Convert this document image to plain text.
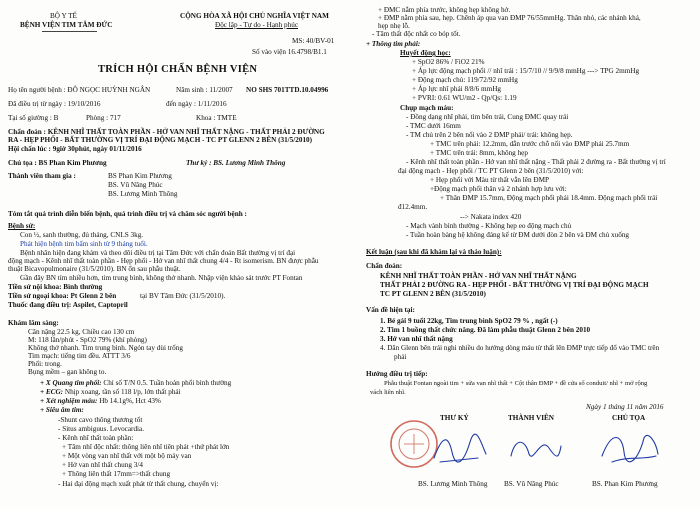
BỘ Y TẾ
BỆNH VIỆN TIM TÂM ĐỨC
CỘNG HÒA XÃ HỘI CHỦ NGHĨA VIỆT NAM
Độc lập - Tự do - Hạnh phúc
MS: 40/BV-01
Số vào viện 16.4798/B1.1
TRÍCH HỘI CHẨN BỆNH VIỆN
Họ tên người bệnh : ĐỖ NGỌC HUỲNH NGÂN	Năm sinh : 11/2007 NO SHS 701TTD.10.04996
Đã điều trị từ ngày : 19/10/2016	đến ngày : 1/11/2016
Tại số giường : B	Phòng : 717	Khoa : TMTE
Chẩn đoán : KÊNH NHĨ THẤT TOÀN PHẦN - HỞ VAN NHĨ THẤT NẶNG - THẤT PHẢI 2 ĐƯỜNG
RA - HẸP PHỔI - BẤT THƯỜNG VỊ TRÍ ĐẠI ĐỘNG MẠCH - TC PT GLENN 2 BÊN (31/5/2010)
Hội chẩn lúc : 9giờ 30phút, ngày 01/11/2016
Chủ tọa : BS Phan Kim Phương	Thư ký : BS. Lương Minh Thông
Thành viên tham gia :	BS Phan Kim Phương
BS. Vũ Năng Phúc
BS. Lương Minh Thông
Tóm tắt quá trình diễn biến bệnh, quá trình điều trị và chăm sóc người bệnh :
Bệnh sử:
Con ½, sanh thường, đủ tháng, CNLS 3kg.
Phát hiện bệnh tim bẩm sinh từ 9 tháng tuổi.
Bệnh nhân hiện đang khám và theo dõi điều trị tại Tâm Đức với chẩn đoán Bất thường vị trí đại
động mạch - Kênh nhĩ thất toàn phần - Hẹp phổi - Hở van nhĩ thất chung 4/4 - Rt isomerism. BN được phẫu
thuật Bicavopulmonaire (31/5/2010). BN ổn sau phẫu thuật.
Gần đây BN tím nhiều hơn, tim trung bình, không thở nhanh. Nhập viện khảo sát trước PT Fontan
Tiền sử nội khoa: Bình thường
Tiền sử ngoại khoa: Pt Glenn 2 bên	tại BV Tâm Đức (31/5/2010).
Thuốc đang điều trị: Aspilet, Captopril
Khám lâm sàng:
Cân nặng 22.5 kg, Chiều cao 130 cm
M: 118 lần/phút - SpO2 79% (khí phòng)
Không thở nhanh. Tim trung bình. Ngón tay dùi trống
Tim mạch: tiếng tim đều. ATTT 3/6
Phổi: trong.
Bụng mềm – gan không to.
+ X Quang tim phổi: Chỉ số T/N 0.5. Tuần hoàn phổi bình thường
+ ECG: Nhịp xoang, tần số 118 l/p, lớn thất phải
+ Xét nghiệm máu: Hb 14.1g%, Hct 43%
+ Siêu âm tim:
-Shunt cavo thông thương tốt
- Situs ambiguus. Levocardia.
- Kênh nhĩ thất toàn phần:
+ Tâm nhĩ độc nhất: thông liên nhĩ tiên phát +thứ phát lớn
+ Một vòng van nhĩ thất với một bộ máy van
+ Hở van nhĩ thất chung 3/4
+ Thông liên thất 17mm=>thất chung
- Hai đại động mạch xuất phát từ thất chung, chuyển vị:
+ ĐMC nằm phía trước, không hẹp không hở.
+ ĐMP nằm phía sau, hẹp. Chênh áp qua van ĐMP 76/55mmHg. Thân nhỏ, các nhánh khá,
hẹp nhẹ lỗ.
- Tâm thất độc nhất co bóp tốt.
+ Thông tim phải:
Huyết động học:
+ SpO2 86% / FiO2 21%
+ Áp lực động mạch phổi // nhĩ trái : 15/7/10 // 9/9/8 mmHg ---> TPG 2mmHg
+ Động mạch chủ: 119/72/92 mmHg
+ Áp lực nhĩ phải 8/8/6 mmHg
+ PVRI: 0.61 WU/m2 - Qp/Qs: 1.19
Chụp mạch máu:
- Đồng dạng nhĩ phải, tìm bên trái, Cung ĐMC quay trái
- TMC dưới 16mm
- TM chủ trên 2 bên nối vào 2 ĐMP phải/ trái: không hẹp.
+ TMC trên phải: 12.2mm, dẫn trước chỗ nối vào ĐMP phải 25.7mm
+ TMC trên trái: 8mm, không hẹp
- Kênh nhĩ thất toàn phần - Hở van nhĩ thất nặng - Thất phải 2 đường ra - Bất thường vị trí
đại động mạch - Hẹp phổi / TC PT Glenn 2 bên (31/5/2010) với:
+ Hẹp phổi với Màu từ thất vẫn lên ĐMP
+Động mạch phổi thân và 2 nhánh hợp lưu với:
+ Thân ĐMP 15.7mm, Động mạch phổi phải 18.4mm. Động mạch phổi trái
đ12.4mm.
--> Nakata index 420
- Mạch vành bình thường - Không hẹp eo động mạch chủ
- Tuần hoàn bàng hệ không đáng kể từ ĐM dưới đòn 2 bên và ĐM chủ xuống
Kết luận (sau khi đã khám lại và thảo luận):
Chẩn đoán:
KÊNH NHĨ THẤT TOÀN PHẦN - HỞ VAN NHĨ THẤT NẶNG
THẤT PHẢI 2 ĐƯỜNG RA - HẸP PHỔI - BẤT THƯỜNG VỊ TRÍ ĐẠI ĐỘNG MẠCH
TC PT GLENN 2 BÊN (31/5/2010)
Vấn đề hiện tại:
1. Bé gái 9 tuổi 22kg, Tim trung bình SpO2 79 % , ngất (-)
2. Tim 1 buồng thất chức năng. Đã làm phẫu thuật Glenn 2 bên 2010
3. Hở van nhĩ thất nặng
4. Dãn Glenn bên trái nghi nhiều do hướng dòng máu từ thất lên ĐMP trực tiếp đổ vào TMC trên
phải
Hướng điều trị tiếp:
Phẫu thuật Fontan ngoài tim + sửa van nhĩ thất + Cột thân ĐMP + đề cửa số conduit/ nhĩ + mở rộng
vách liên nhĩ.
Ngày 1 tháng 11 năm 2016
THƯ KÝ	THÀNH VIÊN	CHỦ TỌA
BS. Lương Minh Thông BS. Vũ Năng Phúc	BS. Phan Kim Phương
